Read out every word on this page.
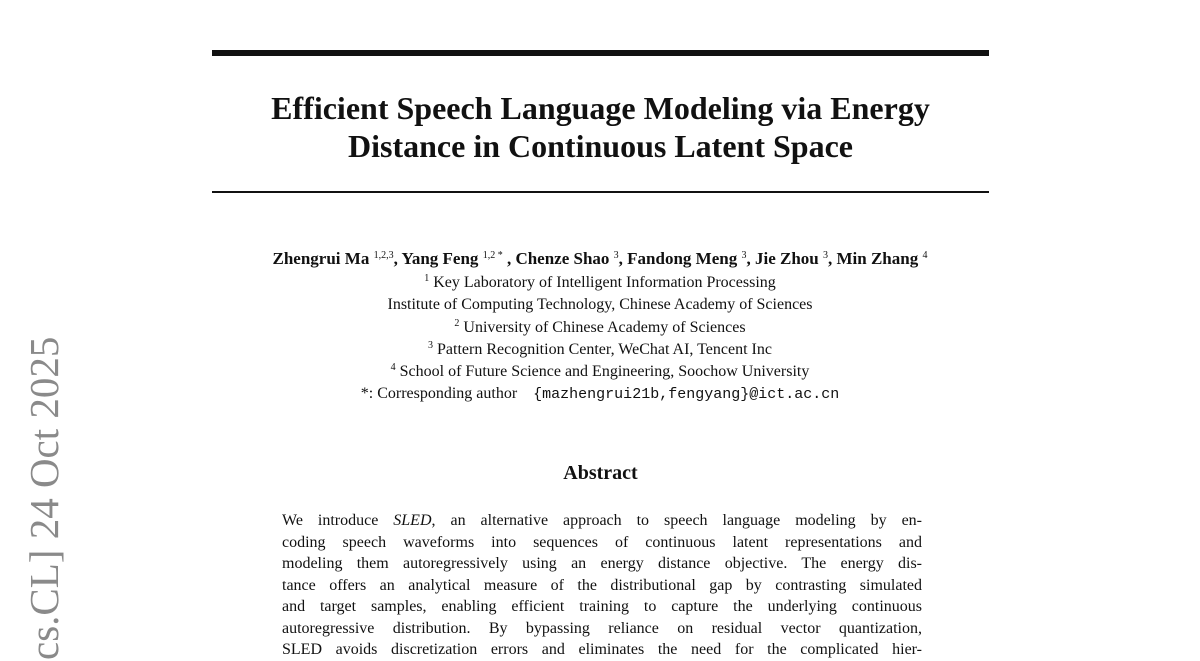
Efficient Speech Language Modeling via Energy
Distance in Continuous Latent Space
Zhengrui Ma $^{1,2,3}$, Yang Feng $^{1,2 *}$ , Chenze Shao $^3$, Fandong Meng $^3$, Jie Zhou $^3$, Min Zhang $^4$
$^1$ Key Laboratory of Intelligent Information Processing
Institute of Computing Technology, Chinese Academy of Sciences
$^2$ University of Chinese Academy of Sciences
$^3$ Pattern Recognition Center, WeChat AI, Tencent Inc
$^4$ School of Future Science and Engineering, Soochow University
*: Corresponding author {mazhengrui21b,fengyang}@ict.ac.cn
Abstract
We introduce SLED, an alternative approach to speech language modeling by en-
coding speech waveforms into sequences of continuous latent representations and
modeling them autoregressively using an energy distance objective. The energy dis-
tance offers an analytical measure of the distributional gap by contrasting simulated
and target samples, enabling efficient training to capture the underlying continuous
autoregressive distribution. By bypassing reliance on residual vector quantization,
SLED avoids discretization errors and eliminates the need for the complicated hier-
cs.CL] 24 Oct 2025
